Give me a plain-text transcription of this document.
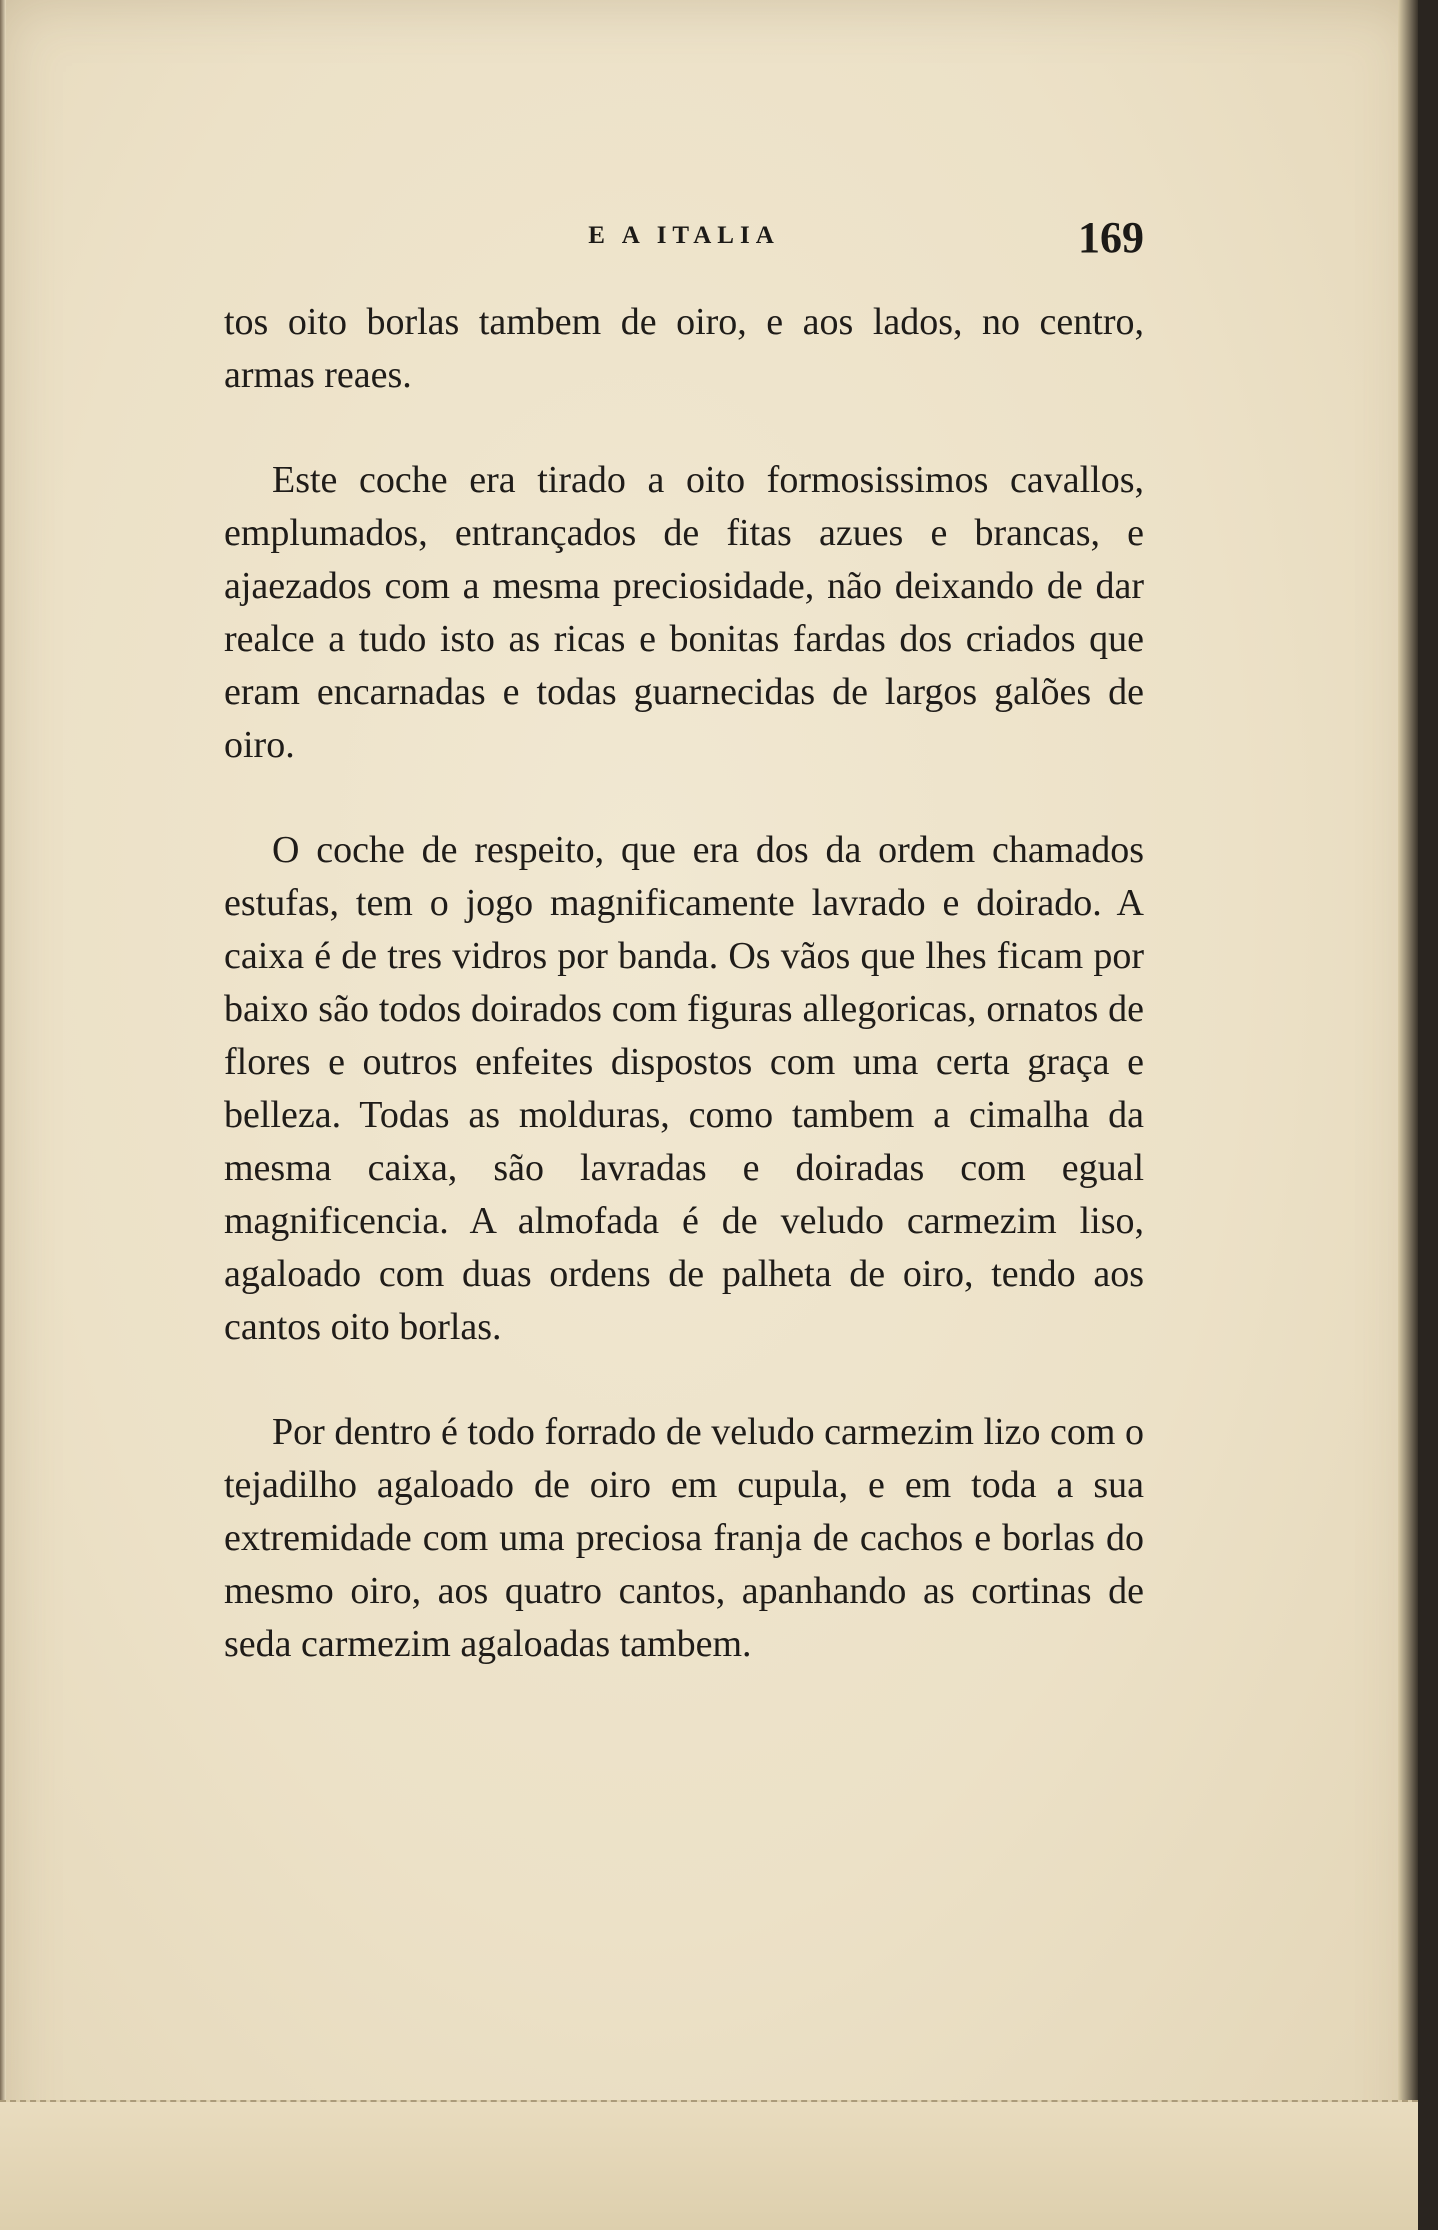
E A ITALIA	169

tos oito borlas tambem de oiro, e aos lados, no centro, armas reaes.

Este coche era tirado a oito formosissimos cavallos, emplumados, entrançados de fitas azues e brancas, e ajaezados com a mesma preciosidade, não deixando de dar realce a tudo isto as ricas e bonitas fardas dos criados que eram encarnadas e todas guarnecidas de largos galões de oiro.

O coche de respeito, que era dos da ordem chamados estufas, tem o jogo magnificamente lavrado e doirado. A caixa é de tres vidros por banda. Os vãos que lhes ficam por baixo são todos doirados com figuras allegoricas, ornatos de flores e outros enfeites dispostos com uma certa graça e belleza. Todas as molduras, como tambem a cimalha da mesma caixa, são lavradas e doiradas com egual magnificencia. A almofada é de veludo carmezim liso, agaloado com duas ordens de palheta de oiro, tendo aos cantos oito borlas.

Por dentro é todo forrado de veludo carmezim lizo com o tejadilho agaloado de oiro em cupula, e em toda a sua extremidade com uma preciosa franja de cachos e borlas do mesmo oiro, aos quatro cantos, apanhando as cortinas de seda carmezim agaloadas tambem.
